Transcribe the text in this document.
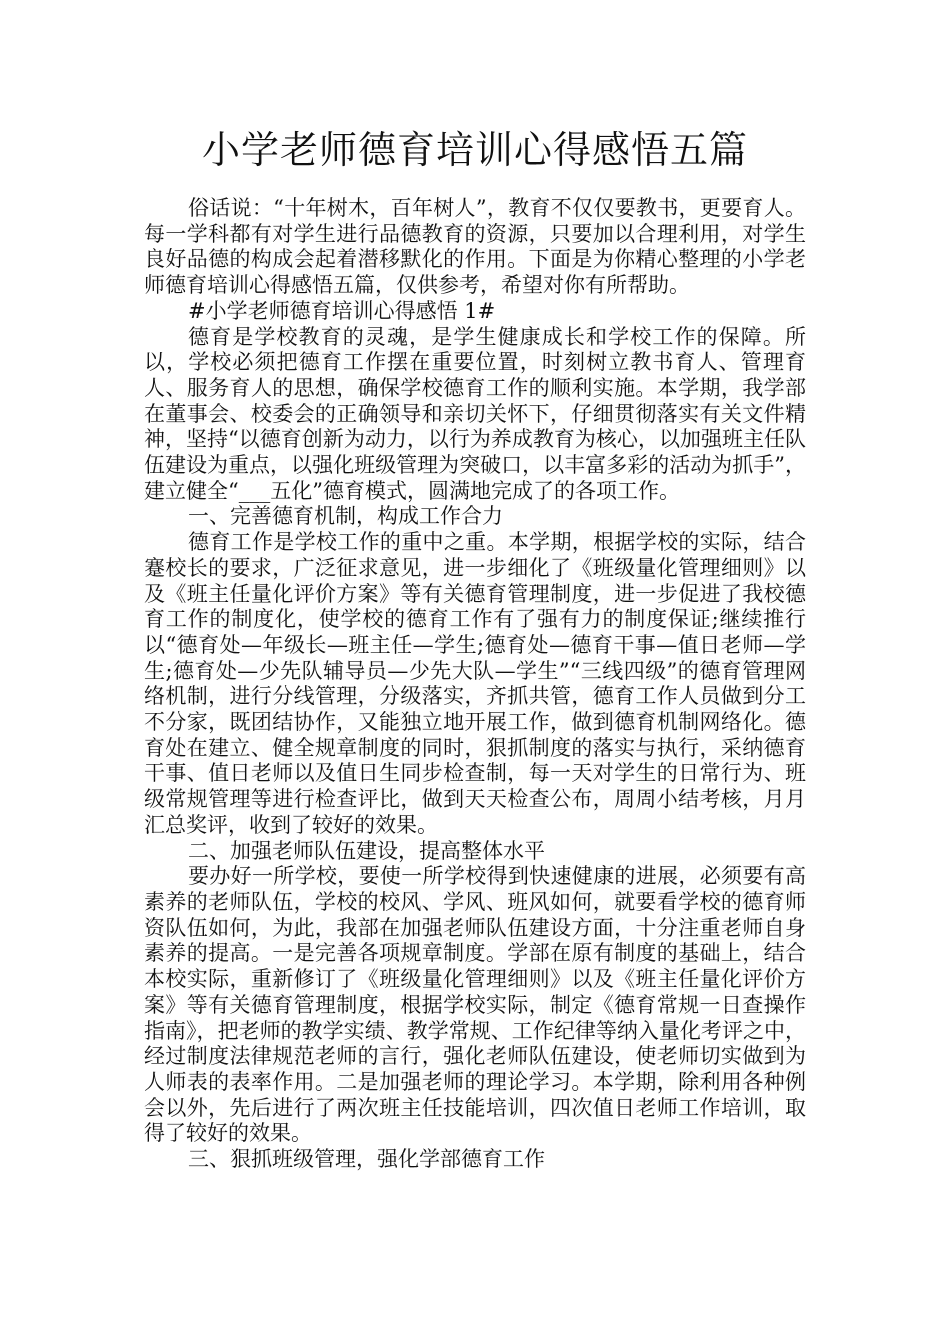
小学老师德育培训心得感悟五篇

俗话说：“十年树木，百年树人”，教育不仅仅要教书，更要育人。每一学科都有对学生进行品德教育的资源，只要加以合理利用，对学生良好品德的构成会起着潜移默化的作用。下面是为你精心整理的小学老师德育培训心得感悟五篇，仅供参考，希望对你有所帮助。

#小学老师德育培训心得感悟 1#

德育是学校教育的灵魂，是学生健康成长和学校工作的保障。所以，学校必须把德育工作摆在重要位置，时刻树立教书育人、管理育人、服务育人的思想，确保学校德育工作的顺利实施。本学期，我学部在董事会、校委会的正确领导和亲切关怀下，仔细贯彻落实有关文件精神，坚持“以德育创新为动力，以行为养成教育为核心，以加强班主任队伍建设为重点，以强化班级管理为突破口，以丰富多彩的活动为抓手”，建立健全“___五化”德育模式，圆满地完成了的各项工作。

一、完善德育机制，构成工作合力

德育工作是学校工作的重中之重。本学期，根据学校的实际，结合蹇校长的要求，广泛征求意见，进一步细化了《班级量化管理细则》以及《班主任量化评价方案》等有关德育管理制度，进一步促进了我校德育工作的制度化，使学校的德育工作有了强有力的制度保证;继续推行以“德育处—年级长—班主任—学生;德育处—德育干事—值日老师—学生;德育处—少先队辅导员—少先大队—学生”“三线四级”的德育管理网络机制，进行分线管理，分级落实，齐抓共管，德育工作人员做到分工不分家，既团结协作，又能独立地开展工作，做到德育机制网络化。德育处在建立、健全规章制度的同时，狠抓制度的落实与执行，采纳德育干事、值日老师以及值日生同步检查制，每一天对学生的日常行为、班级常规管理等进行检查评比，做到天天检查公布，周周小结考核，月月汇总奖评，收到了较好的效果。

二、加强老师队伍建设，提高整体水平

要办好一所学校，要使一所学校得到快速健康的进展，必须要有高素养的老师队伍，学校的校风、学风、班风如何，就要看学校的德育师资队伍如何，为此，我部在加强老师队伍建设方面，十分注重老师自身素养的提高。一是完善各项规章制度。学部在原有制度的基础上，结合本校实际，重新修订了《班级量化管理细则》以及《班主任量化评价方案》等有关德育管理制度，根据学校实际，制定《德育常规一日查操作指南》，把老师的教学实绩、教学常规、工作纪律等纳入量化考评之中，经过制度法律规范老师的言行，强化老师队伍建设，使老师切实做到为人师表的表率作用。二是加强老师的理论学习。本学期，除利用各种例会以外，先后进行了两次班主任技能培训，四次值日老师工作培训，取得了较好的效果。

三、狠抓班级管理，强化学部德育工作
